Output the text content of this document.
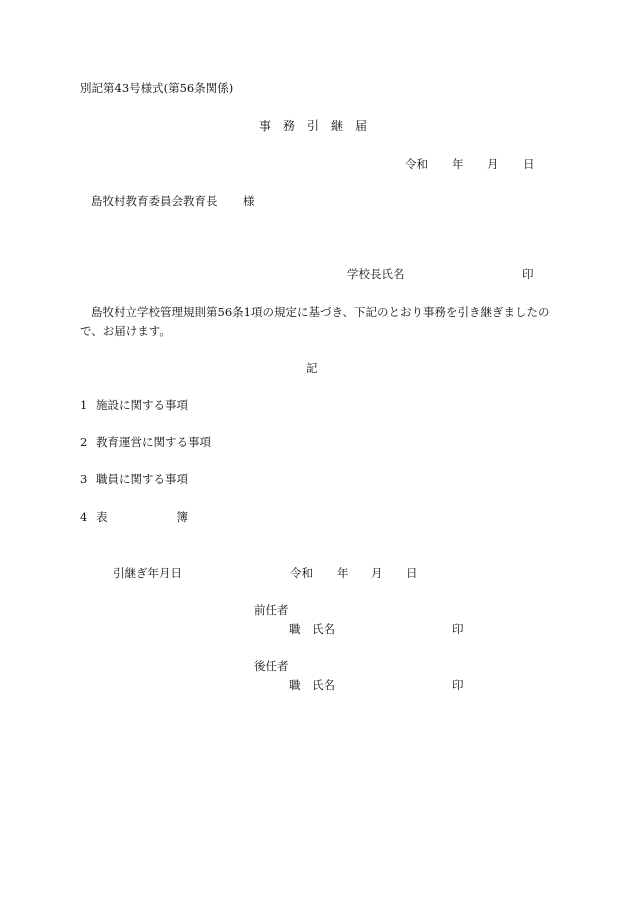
別記第43号様式(第56条関係)
事　務　引　継　届
令和 年 月 日
島牧村教育委員会教育長 様
学校長氏名	印
島牧村立学校管理規則第56条1項の規定に基づき、下記のとおり事務を引き継ぎましたの
で、お届けます。
記
1 施設に関する事項
2 教育運営に関する事項
3 職員に関する事項
4 表　　　　　　簿
引継ぎ年月日	令和 年 月 日
前任者
職　氏名	印
後任者
職　氏名	印
